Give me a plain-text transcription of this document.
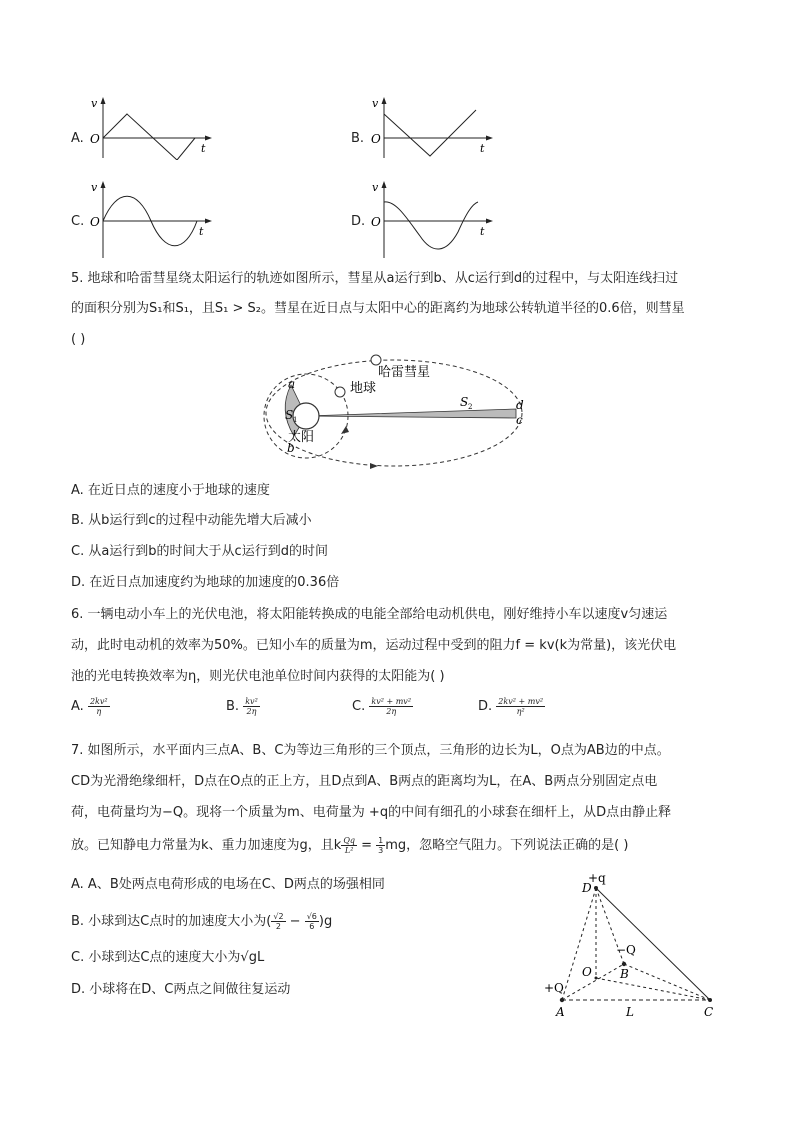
A.
v
O
t
B.
v
O
t
C.
v
O
t
D.
v
O
t
5. 地球和哈雷彗星绕太阳运行的轨迹如图所示，彗星从a运行到b、从c运行到d的过程中，与太阳连线扫过
的面积分别为S₁和S₁，且S₁ > S₂。彗星在近日点与太阳中心的距离约为地球公转轨道半径的0.6倍，则彗星
( )
哈雷彗星
地球
太阳
a
b
c
d
S 1
S 2
A. 在近日点的速度小于地球的速度
B. 从b运行到c的过程中动能先增大后减小
C. 从a运行到b的时间大于从c运行到d的时间
D. 在近日点加速度约为地球的加速度的0.36倍
6. 一辆电动小车上的光伏电池，将太阳能转换成的电能全部给电动机供电，刚好维持小车以速度v匀速运
动，此时电动机的效率为50%。已知小车的质量为m，运动过程中受到的阻力f = kv(k为常量)，该光伏电
池的光电转换效率为η，则光伏电池单位时间内获得的太阳能为( )
A. $\frac{\text{2kv²}}{\eta}$	B. $\frac{\text{kv²}}{2\eta}$	C. $\frac{\text{kv² + mv²}}{2\eta}$	D. $\frac{\text{2kv² + mv²}}{\text{η²}}$
7. 如图所示，水平面内三点A、B、C为等边三角形的三个顶点，三角形的边长为L，O点为AB边的中点。
CD为光滑绝缘细杆，D点在O点的正上方，且D点到A、B两点的距离均为L，在A、B两点分别固定点电
荷，电荷量均为−Q。现将一个质量为m、电荷量为 +q的中间有细孔的小球套在细杆上，从D点由静止释
放。已知静电力常量为k、重力加速度为g，且k $\frac{Qq}{\text{L²}} = \frac{1}{3}$ mg，忽略空气阻力。下列说法正确的是( )
A. A、B处两点电荷形成的电场在C、D两点的场强相同
B. 小球到达C点时的加速度大小为( $\frac{√2}{2} - \frac{√6}{6} )g$
C. 小球到达C点的速度大小为√gL
D. 小球将在D、C两点之间做往复运动
D
+q
−Q
B
O
+Q
A	L	C
